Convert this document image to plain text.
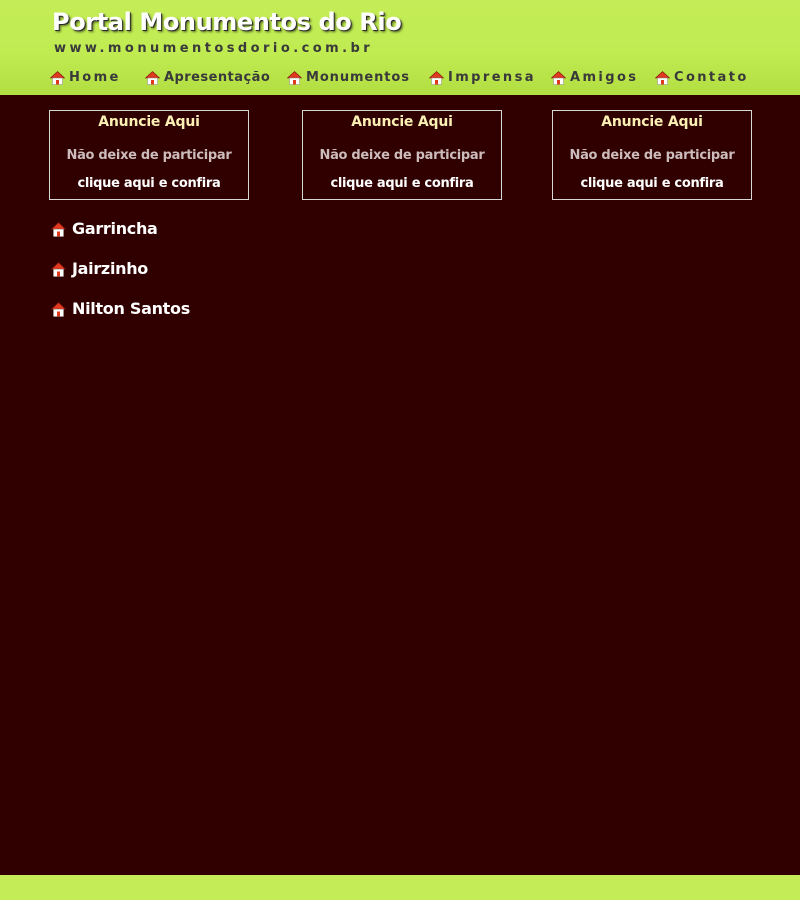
Portal Monumentos do Rio
www.monumentosdorio.com.br
Home	Apresentação	Monumentos	Imprensa	Amigos	Contato
Anuncie Aqui
Não deixe de participar
clique aqui e confira
Anuncie Aqui
Não deixe de participar
clique aqui e confira
Anuncie Aqui
Não deixe de participar
clique aqui e confira
Garrincha
Jairzinho
Nilton Santos
